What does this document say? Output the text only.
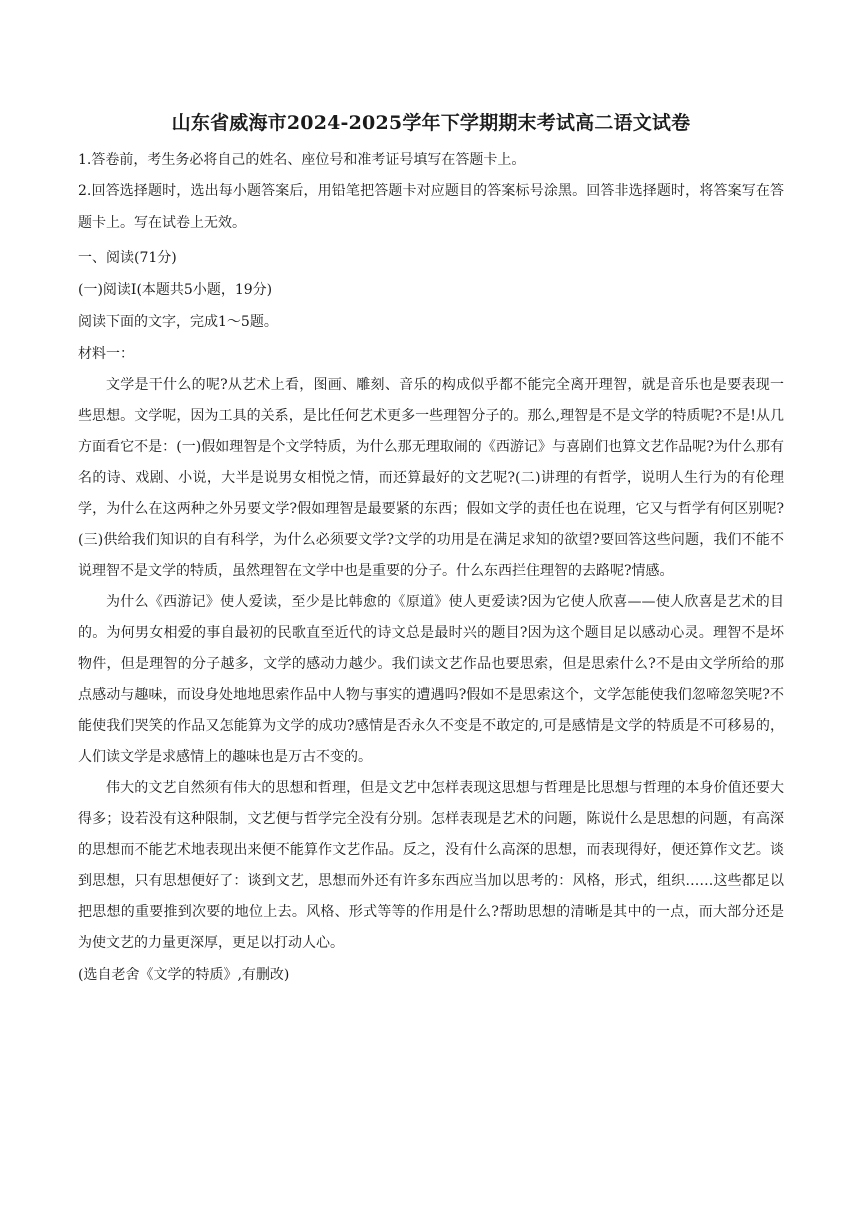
山东省威海市2024-2025学年下学期期末考试高二语文试卷
1.答卷前，考生务必将自己的姓名、座位号和准考证号填写在答题卡上。
2.回答选择题时，选出每小题答案后，用铅笔把答题卡对应题目的答案标号涂黑。回答非选择题时，将答案写在答题卡上。写在试卷上无效。
一、阅读(71分)
(一)阅读I(本题共5小题，19分)
阅读下面的文字，完成1～5题。
材料一：
文学是干什么的呢?从艺术上看，图画、雕刻、音乐的构成似乎都不能完全离开理智，就是音乐也是要表现一些思想。文学呢，因为工具的关系，是比任何艺术更多一些理智分子的。那么,理智是不是文学的特质呢?不是!从几方面看它不是：(一)假如理智是个文学特质，为什么那无理取闹的《西游记》与喜剧们也算文艺作品呢?为什么那有名的诗、戏剧、小说，大半是说男女相悦之情，而还算最好的文艺呢?(二)讲理的有哲学，说明人生行为的有伦理学，为什么在这两种之外另要文学?假如理智是最要紧的东西；假如文学的责任也在说理，它又与哲学有何区别呢?(三)供给我们知识的自有科学，为什么必须要文学?文学的功用是在满足求知的欲望?要回答这些问题，我们不能不说理智不是文学的特质，虽然理智在文学中也是重要的分子。什么东西拦住理智的去路呢?情感。
为什么《西游记》使人爱读，至少是比韩愈的《原道》使人更爱读?因为它使人欣喜——使人欣喜是艺术的目的。为何男女相爱的事自最初的民歌直至近代的诗文总是最时兴的题目?因为这个题目足以感动心灵。理智不是坏物件，但是理智的分子越多，文学的感动力越少。我们读文艺作品也要思索，但是思索什么?不是由文学所给的那点感动与趣味，而设身处地地思索作品中人物与事实的遭遇吗?假如不是思索这个，文学怎能使我们忽啼忽笑呢?不能使我们哭笑的作品又怎能算为文学的成功?感情是否永久不变是不敢定的,可是感情是文学的特质是不可移易的，人们读文学是求感情上的趣味也是万古不变的。
伟大的文艺自然须有伟大的思想和哲理，但是文艺中怎样表现这思想与哲理是比思想与哲理的本身价值还要大得多；设若没有这种限制，文艺便与哲学完全没有分别。怎样表现是艺术的问题，陈说什么是思想的问题，有高深的思想而不能艺术地表现出来便不能算作文艺作品。反之，没有什么高深的思想，而表现得好，便还算作文艺。谈到思想，只有思想便好了：谈到文艺，思想而外还有许多东西应当加以思考的：风格，形式，组织……这些都足以把思想的重要推到次要的地位上去。风格、形式等等的作用是什么?帮助思想的清晰是其中的一点，而大部分还是为使文艺的力量更深厚，更足以打动人心。
(选自老舍《文学的特质》,有删改)
